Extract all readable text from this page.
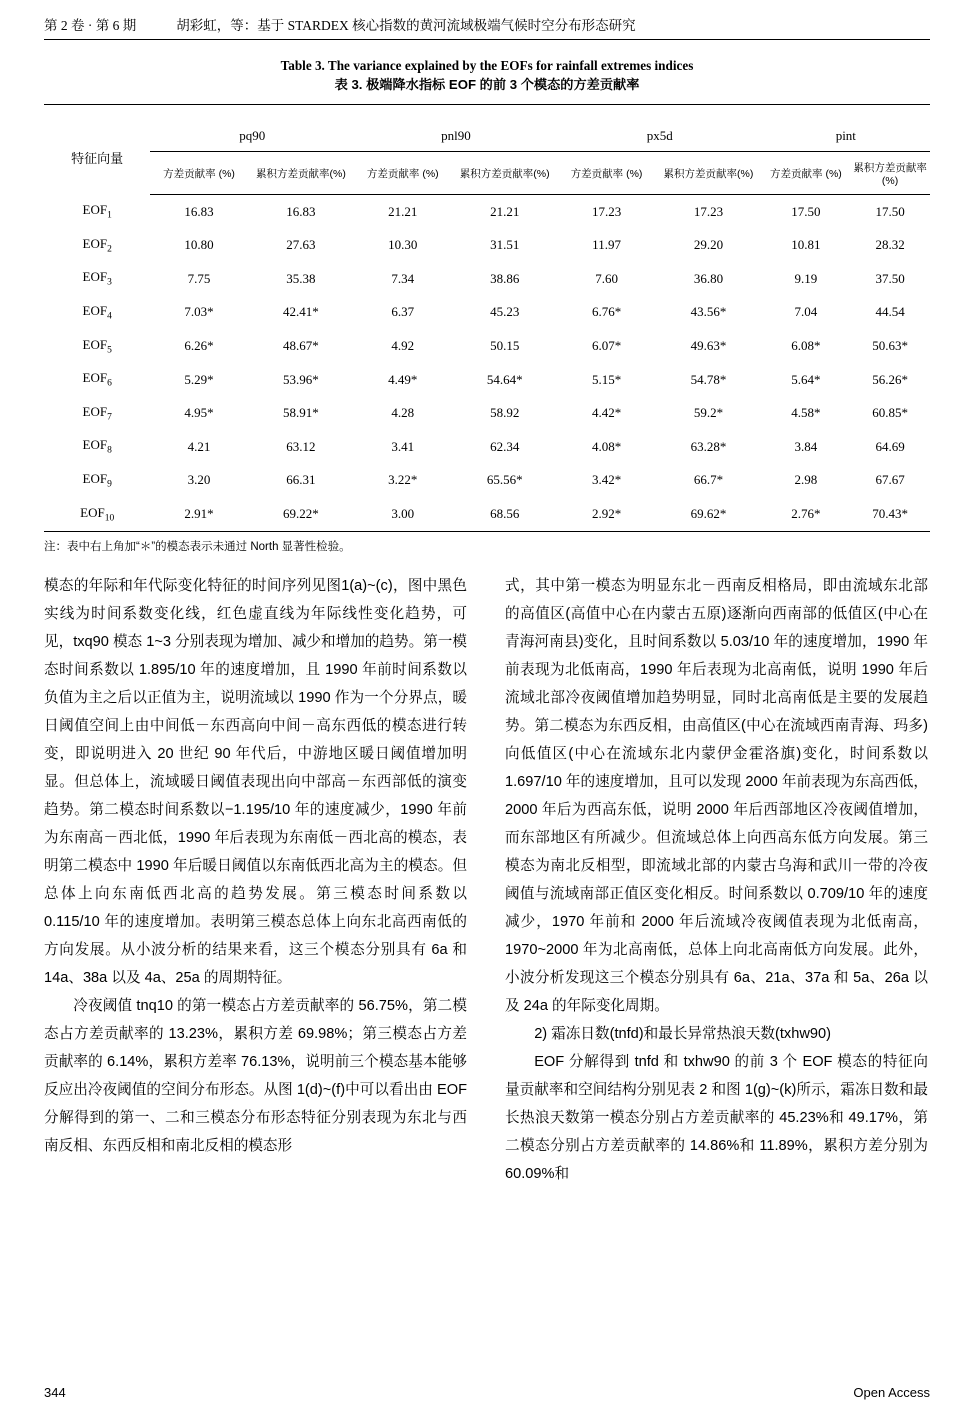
第 2 卷 · 第 6 期	胡彩虹，等：基于 STARDEX 核心指数的黄河流域极端气候时空分布形态研究
Table 3. The variance explained by the EOFs for rainfall extremes indices
表 3. 极端降水指标 EOF 的前 3 个模态的方差贡献率

特征向量	pq90		pnl90		px5d		pint	
	方差贡献率 (%)	累积方差贡献率(%)	方差贡献率 (%)	累积方差贡献率(%)	方差贡献率 (%)	累积方差贡献率(%)	方差贡献率 (%)	累积方差贡献率(%)
$EOF_1$	16.83	16.83	21.21	21.21	17.23	17.23	17.50	17.50
$EOF_2$	10.80	27.63	10.30	31.51	11.97	29.20	10.81	28.32
$EOF_3$	7.75	35.38	7.34	38.86	7.60	36.80	9.19	37.50
$EOF_4$	7.03*	42.41*	6.37	45.23	6.76*	43.56*	7.04	44.54
$EOF_5$	6.26*	48.67*	4.92	50.15	6.07*	49.63*	6.08*	50.63*
$EOF_6$	5.29*	53.96*	4.49*	54.64*	5.15*	54.78*	5.64*	56.26*
$EOF_7$	4.95*	58.91*	4.28	58.92	4.42*	59.2*	4.58*	60.85*
$EOF_8$	4.21	63.12	3.41	62.34	4.08*	63.28*	3.84	64.69
$EOF_9$	3.20	66.31	3.22*	65.56*	3.42*	66.7*	2.98	67.67
$EOF_{10}$	2.91*	69.22*	3.00	68.56	2.92*	69.62*	2.76*	70.43*

注：表中右上角加“＊”的模态表示未通过 North 显著性检验。

模态的年际和年代际变化特征的时间序列见图1(a)~(c)，图中黑色实线为时间系数变化线，红色虚直线为年际线性变化趋势，可见，txq90 模态 1~3 分别表现为增加、减少和增加的趋势。第一模态时间系数以 1.895/10 年的速度增加，且 1990 年前时间系数以负值为主之后以正值为主，说明流域以 1990 作为一个分界点，暖日阈值空间上由中间低－东西高向中间－高东西低的模态进行转变，即说明进入 20 世纪 90 年代后，中游地区暖日阈值增加明显。但总体上，流域暖日阈值表现出向中部高－东西部低的演变趋势。第二模态时间系数以−1.195/10 年的速度减少，1990 年前为东南高－西北低，1990 年后表现为东南低－西北高的模态，表明第二模态中 1990 年后暖日阈值以东南低西北高为主的模态。但总体上向东南低西北高的趋势发展。第三模态时间系数以 0.115/10 年的速度增加。表明第三模态总体上向东北高西南低的方向发展。从小波分析的结果来看，这三个模态分别具有 6a 和 14a、38a 以及 4a、25a 的周期特征。

冷夜阈值 tnq10 的第一模态占方差贡献率的 56.75%，第二模态占方差贡献率的 13.23%，累积方差 69.98%；第三模态占方差贡献率的 6.14%，累积方差率 76.13%，说明前三个模态基本能够反应出冷夜阈值的空间分布形态。从图 1(d)~(f)中可以看出由 EOF 分解得到的第一、二和三模态分布形态特征分别表现为东北与西南反相、东西反相和南北反相的模态形

式，其中第一模态为明显东北－西南反相格局，即由流域东北部的高值区(高值中心在内蒙古五原)逐渐向西南部的低值区(中心在青海河南县)变化，且时间系数以 5.03/10 年的速度增加，1990 年前表现为北低南高，1990 年后表现为北高南低，说明 1990 年后流域北部冷夜阈值增加趋势明显，同时北高南低是主要的发展趋势。第二模态为东西反相，由高值区(中心在流域西南青海、玛多)向低值区(中心在流域东北内蒙伊金霍洛旗)变化，时间系数以 1.697/10 年的速度增加，且可以发现 2000 年前表现为东高西低，2000 年后为西高东低，说明 2000 年后西部地区冷夜阈值增加，而东部地区有所减少。但流域总体上向西高东低方向发展。第三模态为南北反相型，即流域北部的内蒙古乌海和武川一带的冷夜阈值与流域南部正值区变化相反。时间系数以 0.709/10 年的速度减少，1970 年前和 2000 年后流域冷夜阈值表现为北低南高，1970~2000 年为北高南低，总体上向北高南低方向发展。此外，小波分析发现这三个模态分别具有 6a、21a、37a 和 5a、26a 以及 24a 的年际变化周期。

2) 霜冻日数(tnfd)和最长异常热浪天数(txhw90)

EOF 分解得到 tnfd 和 txhw90 的前 3 个 EOF 模态的特征向量贡献率和空间结构分别见表 2 和图 1(g)~(k)所示，霜冻日数和最长热浪天数第一模态分别占方差贡献率的 45.23%和 49.17%，第二模态分别占方差贡献率的 14.86%和 11.89%，累积方差分别为 60.09%和

344	Open Access
